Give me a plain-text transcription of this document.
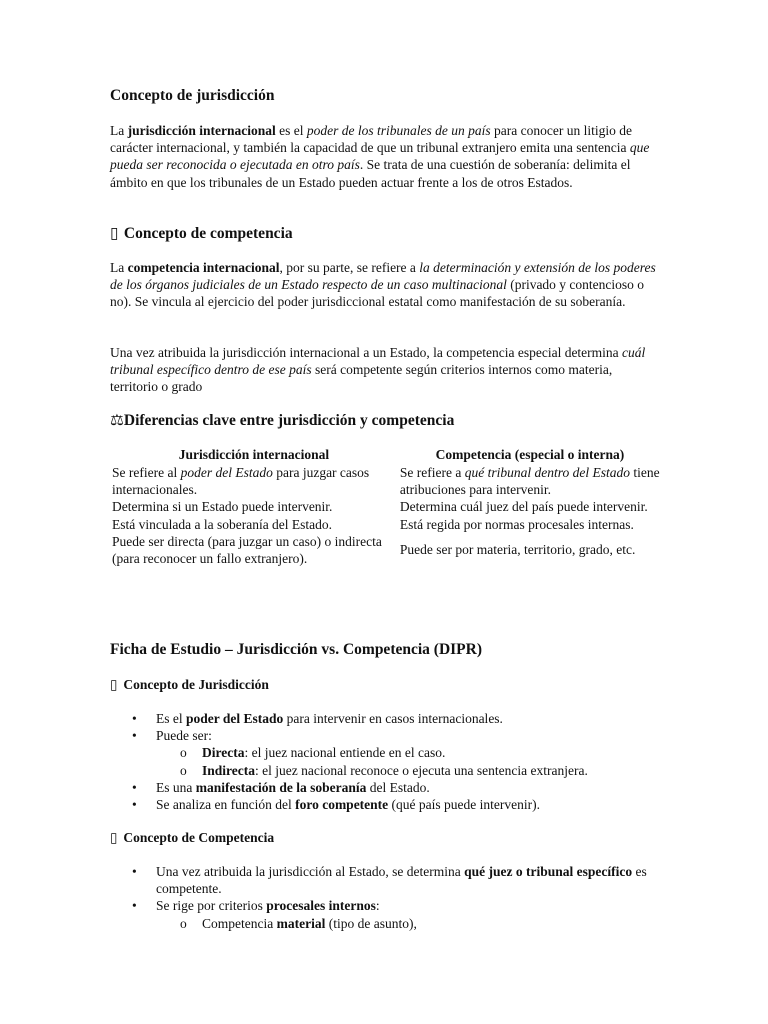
Concepto de jurisdicción

La jurisdicción internacional es el poder de los tribunales de un país para conocer un litigio de carácter internacional, y también la capacidad de que un tribunal extranjero emita una sentencia que pueda ser reconocida o ejecutada en otro país. Se trata de una cuestión de soberanía: delimita el ámbito en que los tribunales de un Estado pueden actuar frente a los de otros Estados.

▯ Concepto de competencia

La competencia internacional, por su parte, se refiere a la determinación y extensión de los poderes de los órganos judiciales de un Estado respecto de un caso multinacional (privado y contencioso o no). Se vincula al ejercicio del poder jurisdiccional estatal como manifestación de su soberanía.

Una vez atribuida la jurisdicción internacional a un Estado, la competencia especial determina cuál tribunal específico dentro de ese país será competente según criterios internos como materia, territorio o grado

⚖ Diferencias clave entre jurisdicción y competencia
Jurisdicción internacional	Competencia (especial o interna)
Se refiere al poder del Estado para juzgar casos internacionales.	Se refiere a qué tribunal dentro del Estado tiene atribuciones para intervenir.
Determina si un Estado puede intervenir.	Determina cuál juez del país puede intervenir.
Está vinculada a la soberanía del Estado.	Está regida por normas procesales internas.
Puede ser directa (para juzgar un caso) o indirecta (para reconocer un fallo extranjero).	Puede ser por materia, territorio, grado, etc.
Ficha de Estudio – Jurisdicción vs. Competencia (DIPR)
▯ Concepto de Jurisdicción
• Es el poder del Estado para intervenir en casos internacionales.
• Puede ser:
o Directa: el juez nacional entiende en el caso.
o Indirecta: el juez nacional reconoce o ejecuta una sentencia extranjera.
• Es una manifestación de la soberanía del Estado.
• Se analiza en función del foro competente (qué país puede intervenir).
▯ Concepto de Competencia
• Una vez atribuida la jurisdicción al Estado, se determina qué juez o tribunal específico es competente.
• Se rige por criterios procesales internos:
o Competencia material (tipo de asunto),
